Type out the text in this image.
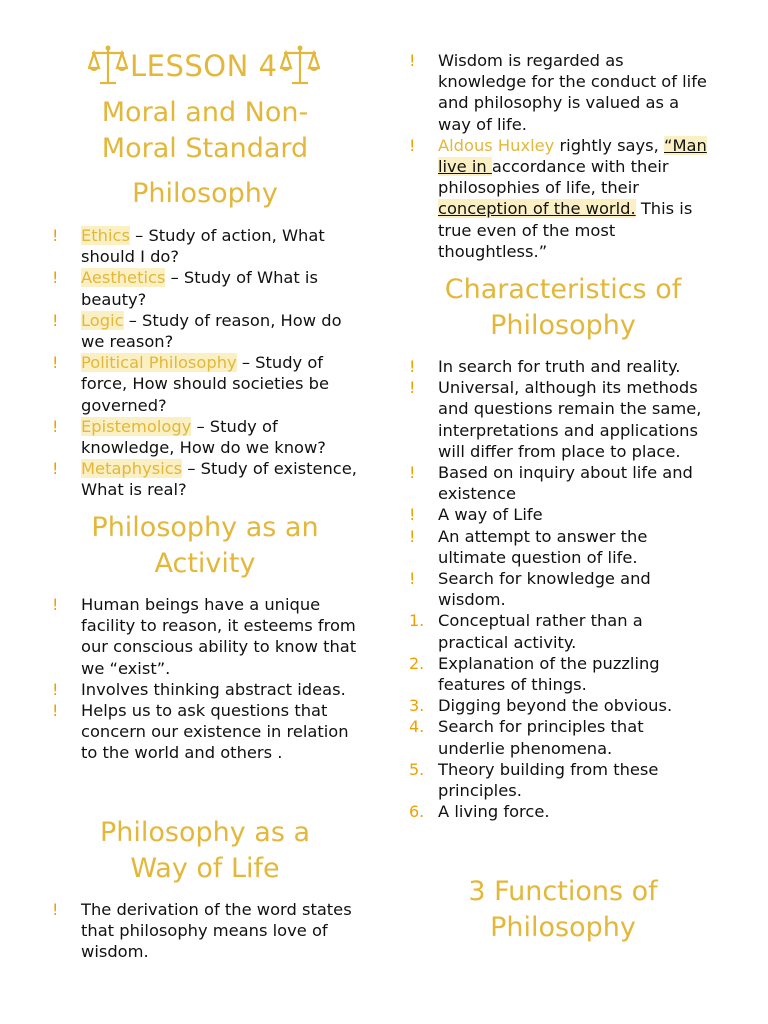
LESSON 4
Moral and Non-
Moral Standard
Philosophy
!	Ethics – Study of action, What should I do?
!	Aesthetics – Study of What is beauty?
!	Logic – Study of reason, How do we reason?
!	Political Philosophy – Study of force, How should societies be governed?
!	Epistemology – Study of knowledge, How do we know?
!	Metaphysics – Study of existence, What is real?
Philosophy as an
Activity
!	Human beings have a unique facility to reason, it esteems from our conscious ability to know that we “exist”.
!	Involves thinking abstract ideas.
!	Helps us to ask questions that concern our existence in relation to the world and others .
Philosophy as a
Way of Life
!	The derivation of the word states that philosophy means love of wisdom.
!	Wisdom is regarded as knowledge for the conduct of life and philosophy is valued as a way of life.
!	Aldous Huxley rightly says, “Man live in accordance with their philosophies of life, their conception of the world. This is true even of the most thoughtless.”
Characteristics of
Philosophy
!	In search for truth and reality.
!	Universal, although its methods and questions remain the same, interpretations and applications will differ from place to place.
!	Based on inquiry about life and existence
!	A way of Life
!	An attempt to answer the ultimate question of life.
!	Search for knowledge and wisdom.
1. Conceptual rather than a practical activity.
2. Explanation of the puzzling features of things.
3. Digging beyond the obvious.
4. Search for principles that underlie phenomena.
5. Theory building from these principles.
6. A living force.
3 Functions of
Philosophy
